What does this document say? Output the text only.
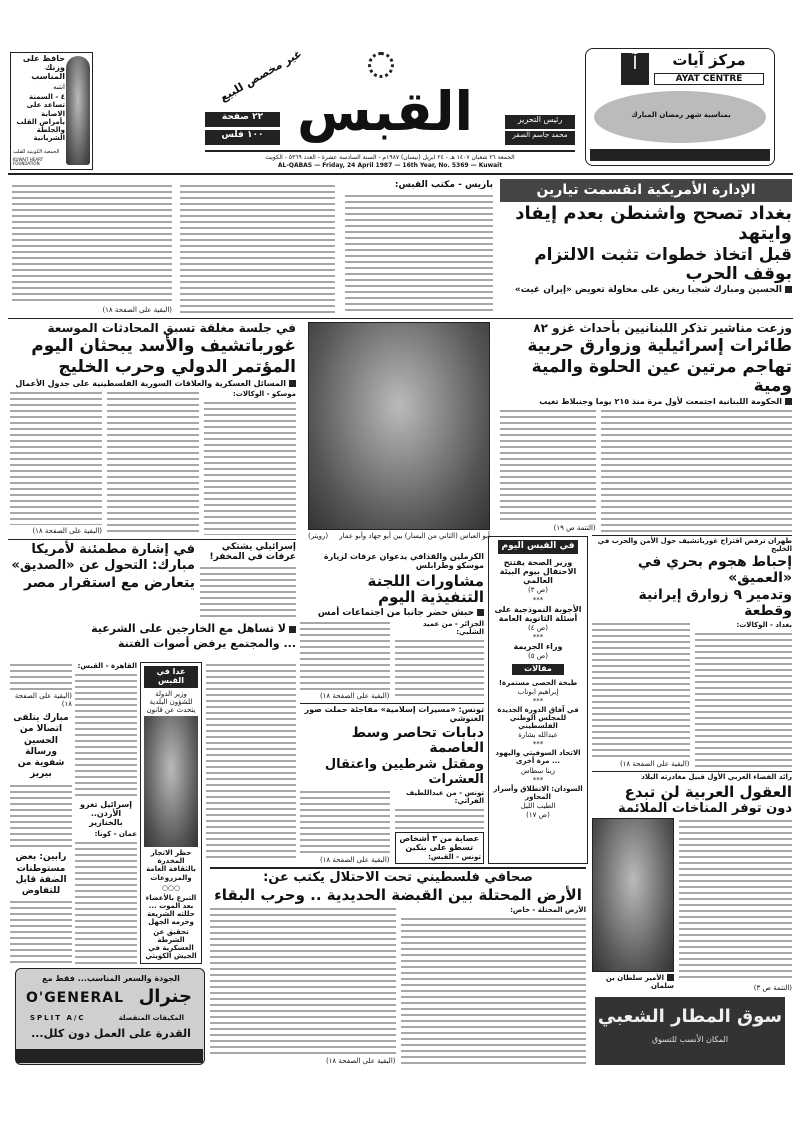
حافظ على وزنك المناسب
انتبه
٤ - السمنة تساعد على الاصابة بأمراض القلب والجلطة الشريانية
الجمعية الكويتية للقلب
KUWAIT HEART FOUNDATION
غير مخصص للبيع
٢٢ صفحة
١٠٠ فلس القبس	رئيس التحرير
محمد جاسم الصقر
الجمعة ٢٦ شعبان ١٤٠٧ هـ - ٢٤ ابريل (نيسان) ١٩٨٧م - السنة السادسة عشرة - العدد ٥٣٦٩ - الكويت
AL-QABAS — Friday, 24 April 1987 — 16th Year, No. 5369 — Kuwait
مركز آيات
AYAT CENTRE
آ
بمناسبة شهر رمضان المبارك
الإدارة الأمريكية انقسمت تيارين
بغداد تصحح واشنطن بعدم إيفاد وايتهد
قبل اتخاذ خطوات تثبت الالتزام بوقف الحرب
الحسين ومبارك شجبا ريغن على محاولة تعويض «إيران غيت»
باريس - مكتب القبس:
(البقية على الصفحة ١٨)
وزعت مناشير تذكر اللبنانيين بأحداث غزو ٨٢
طائرات إسرائيلية وزوارق حربية
تهاجم مرتين عين الحلوة والمية ومية
الحكومة اللبنانية اجتمعت لأول مرة منذ ٢١٥ يوما وجنبلاط تغيب
(التتمة ص ١٩)
(رويتر)	أبو العباس (الثاني من اليسار) بين أبو جهاد وأبو عمار
في جلسة مغلقة تسبق المحادثات الموسعة
غورباتشيف والأسد يبحثان اليوم
المؤتمر الدولي وحرب الخليج
المسائل العسكرية والعلاقات السورية الفلسطينية على جدول الأعمال
(البقية على الصفحة ١٨)
موسكو - الوكالات:
الكرملين والقذافي يدعوان عرفات لزيارة موسكو وطرابلس
مشاورات اللجنة التنفيذية اليوم
حبش حضر جانبا من اجتماعات أمس
(البقية على الصفحة ١٨)
الجزائر - من عميد الشلبي:
طهران ترفض اقتراح غورباتشيف حول الأمن والحرب في الخليج
إحباط هجوم بحري في «العميق»
وتدمير ٩ زوارق إيرانية وقطعة
(البقية على الصفحة ١٨)
بغداد - الوكالات:
في إشارة مطمئنة لأمريكا
مبارك: التحول عن «الصديق»
يتعارض مع استقرار مصر
إسرائيلي يشتكي عرفات في المخفر!
لا تساهل مع الخارجين على الشرعية
... والمجتمع يرفض أصوات الفتنة
(البقية على الصفحة ١٨)
مبارك يتلقى اتصالا من الحسين ورسالة شفوية من بيريز
رابين: بعض مستوطنات الضفة قابل للتفاوض
القاهرة - القبس:
إسرائيل تغزو الأردن.. بالخنازير
عمان - كونا:
غدا في القبس
وزير الدولة للشؤون البلدية يتحدث عن قانون
حظر الاتجار المخدرة بالثقافة العامة والمزروعات
○○○
التبرع بالأعضاء بعد الموت ... حللته الشريعة وحرمه الجهل
تحقيق عن الشرطة العسكرية في الجيش الكويتي
في القبس اليوم
وزير الصحة يفتتح الاحتفال بيوم البيئة العالمي
(ص ٣)
***
الأجوبة النموذجية على أسئلة الثانوية العامة
(ص ٤)
***
وراء الجريمة
(ص ٥)
مقالات
طبخة الحصى مستمرة!
إبراهيم ابوناب
***
في آفاق الدورة الجديدة للمجلس الوطني الفلسطيني
عبدالله بشارة
***
الاتحاد السوفيتي واليهود ... مرة أخرى
زينا سطاس
***
السودان: الانطلاق وأسرار المحاور
الطيب الليل
(ص ١٧)
تونس: «مسيرات إسلامية» مفاجئة حملت صور الغنوشي
دبابات تحاصر وسط العاصمة
ومقتل شرطيين واعتقال العشرات
(البقية على الصفحة ١٨)
تونس - من عبداللطيف الفراتي:
عصابة من ٣ أشخاص تسطو على بنكين
تونس - القبس:
رائد الفضاء العربي الأول قبيل مغادرته البلاد
العقول العربية لن تبدع
دون توفر المناخات الملائمة
الأمير سلطان بن سلمان	(التتمة ص ٣)
صحافي فلسطيني تحت الاحتلال يكتب عن:
الأرض المحتلة بين القبضة الحديدية .. وحرب البقاء
(البقية على الصفحة ١٨)
الأرض المحتلة - خاص:
الجودة والسعر المناسب... فقط مع
جنرال
O'GENERAL
المكيفات المنفصلة
SPLIT A/C
القدرة على العمل دون كلل...
سوق المطار الشعبي
المكان الأنسب للتسوق
